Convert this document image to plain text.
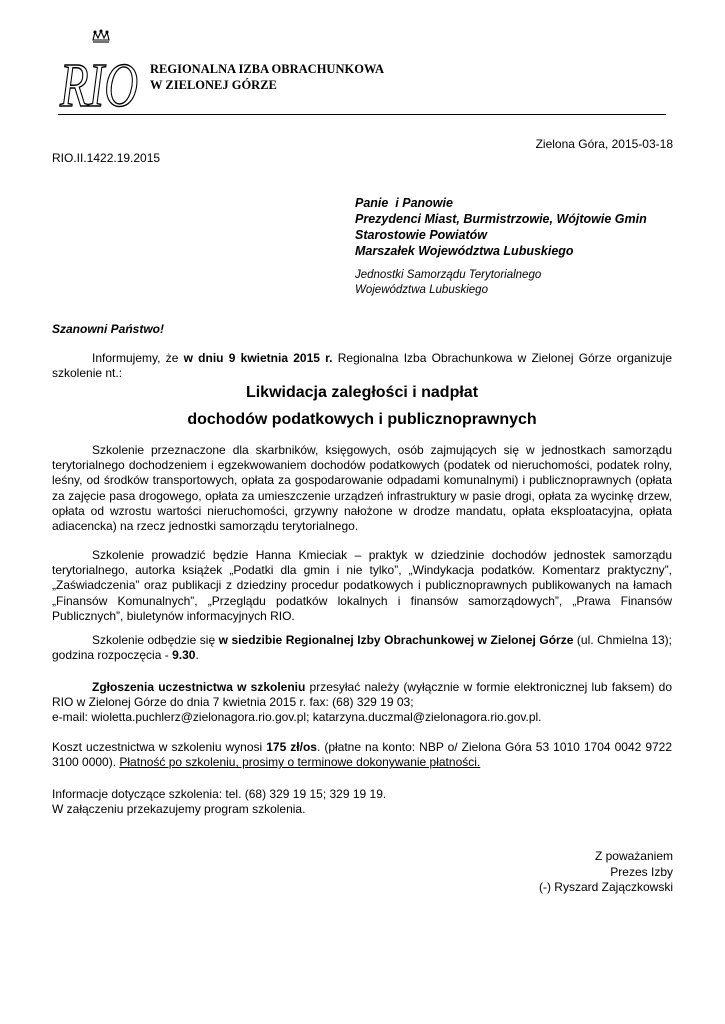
RIO REGIONALNA IZBA OBRACHUNKOWA
W ZIELONEJ GÓRZE
Zielona Góra, 2015-03-18
RIO.II.1422.19.2015
Panie  i Panowie
Prezydenci Miast, Burmistrzowie, Wójtowie Gmin
Starostowie Powiatów
Marszałek Województwa Lubuskiego
Jednostki Samorządu Terytorialnego
Województwa Lubuskiego
Szanowni Państwo!

Informujemy, że w dniu 9 kwietnia 2015 r. Regionalna Izba Obrachunkowa w Zielonej Górze organizuje szkolenie nt.:

Likwidacja zaległości i nadpłat
dochodów podatkowych i publicznoprawnych

Szkolenie przeznaczone dla skarbników, księgowych, osób zajmujących się w jednostkach samorządu terytorialnego dochodzeniem i egzekwowaniem dochodów podatkowych (podatek od nieruchomości, podatek rolny, leśny, od środków transportowych, opłata za gospodarowanie odpadami komunalnymi) i publicznoprawnych (opłata za zajęcie pasa drogowego, opłata za umieszczenie urządzeń infrastruktury w pasie drogi, opłata za wycinkę drzew, opłata od wzrostu wartości nieruchomości, grzywny nałożone w drodze mandatu, opłata eksploatacyjna, opłata adiacencka) na rzecz jednostki samorządu terytorialnego.

Szkolenie prowadzić będzie Hanna Kmieciak – praktyk w dziedzinie dochodów jednostek samorządu terytorialnego, autorka książek „Podatki dla gmin i nie tylko”, „Windykacja podatków. Komentarz praktyczny”, „Zaświadczenia” oraz publikacji z dziedziny procedur podatkowych i publicznoprawnych publikowanych na łamach „Finansów Komunalnych”, „Przeglądu podatków lokalnych i finansów samorządowych”, „Prawa Finansów Publicznych”, biuletynów informacyjnych RIO.

Szkolenie odbędzie się w siedzibie Regionalnej Izby Obrachunkowej w Zielonej Górze (ul. Chmielna 13); godzina rozpoczęcia - 9.30.

Zgłoszenia uczestnictwa w szkoleniu przesyłać należy (wyłącznie w formie elektronicznej lub faksem) do RIO w Zielonej Górze do dnia 7 kwietnia 2015 r. fax: (68) 329 19 03;

e-mail: wioletta.puchlerz@zielonagora.rio.gov.pl; katarzyna.duczmal@zielonagora.rio.gov.pl.

Koszt uczestnictwa w szkoleniu wynosi 175 zł/os. (płatne na konto: NBP o/ Zielona Góra 53 1010 1704 0042 9722 3100 0000). Płatność po szkoleniu, prosimy o terminowe dokonywanie płatności.

Informacje dotyczące szkolenia: tel. (68) 329 19 15; 329 19 19.

W załączeniu przekazujemy program szkolenia.

Z poważaniem
Prezes Izby
(-) Ryszard Zajączkowski
